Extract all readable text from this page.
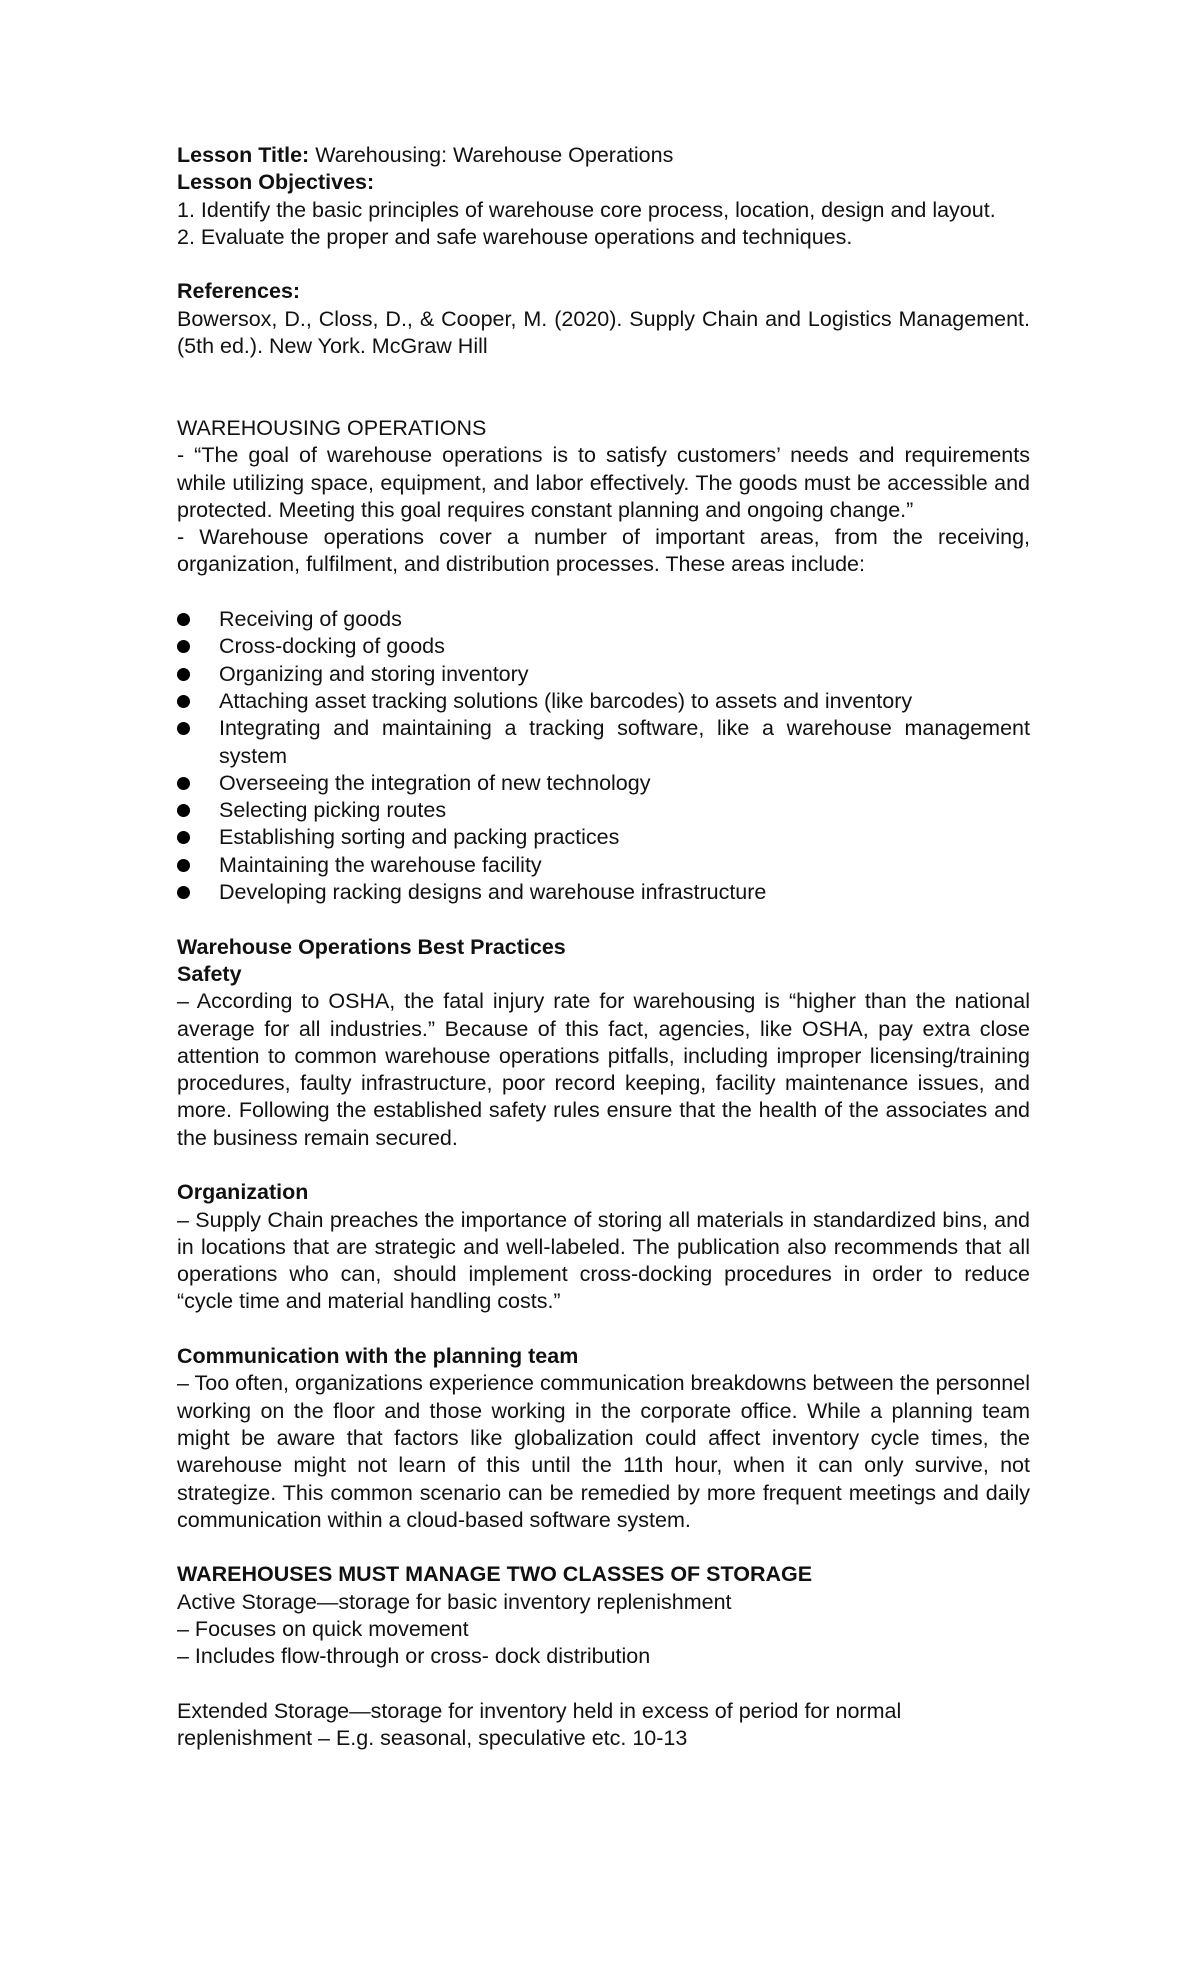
Lesson Title: Warehousing: Warehouse Operations

Lesson Objectives:

1. Identify the basic principles of warehouse core process, location, design and layout.

2. Evaluate the proper and safe warehouse operations and techniques.

References:

Bowersox, D., Closs, D., & Cooper, M. (2020). Supply Chain and Logistics Management. (5th ed.). New York. McGraw Hill

WAREHOUSING OPERATIONS

- “The goal of warehouse operations is to satisfy customers’ needs and requirements while utilizing space, equipment, and labor effectively. The goods must be accessible and protected. Meeting this goal requires constant planning and ongoing change.”

- Warehouse operations cover a number of important areas, from the receiving, organization, fulfilment, and distribution processes. These areas include:

Receiving of goods
Cross-docking of goods
Organizing and storing inventory
Attaching asset tracking solutions (like barcodes) to assets and inventory
Integrating and maintaining a tracking software, like a warehouse management system
Overseeing the integration of new technology
Selecting picking routes
Establishing sorting and packing practices
Maintaining the warehouse facility
Developing racking designs and warehouse infrastructure

Warehouse Operations Best Practices

Safety

– According to OSHA, the fatal injury rate for warehousing is “higher than the national average for all industries.” Because of this fact, agencies, like OSHA, pay extra close attention to common warehouse operations pitfalls, including improper licensing/training procedures, faulty infrastructure, poor record keeping, facility maintenance issues, and more. Following the established safety rules ensure that the health of the associates and the business remain secured.

Organization

– Supply Chain preaches the importance of storing all materials in standardized bins, and in locations that are strategic and well-labeled. The publication also recommends that all operations who can, should implement cross-docking procedures in order to reduce “cycle time and material handling costs.”

Communication with the planning team

– Too often, organizations experience communication breakdowns between the personnel working on the floor and those working in the corporate office. While a planning team might be aware that factors like globalization could affect inventory cycle times, the warehouse might not learn of this until the 11th hour, when it can only survive, not strategize. This common scenario can be remedied by more frequent meetings and daily communication within a cloud-based software system.

WAREHOUSES MUST MANAGE TWO CLASSES OF STORAGE

Active Storage—storage for basic inventory replenishment

– Focuses on quick movement

– Includes flow-through or cross- dock distribution

Extended Storage—storage for inventory held in excess of period for normal replenishment – E.g. seasonal, speculative etc. 10-13
